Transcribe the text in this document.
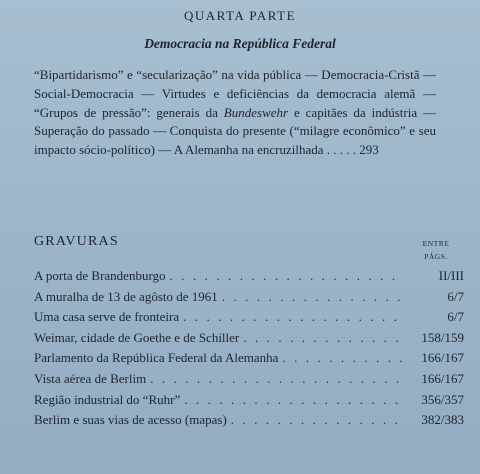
QUARTA PARTE
Democracia na República Federal
“Bipartidarismo” e “secularização” na vida pública — Democracia-Cristã — Social-Democracia — Virtudes e deficiências da democracia alemã — “Grupos de pressão”: generais da Bundeswehr e capitães da indústria — Superação do passado — Conquista do presente (“milagre econômico” e seu impacto sócio-político) — A Alemanha na encruzilhada . . . . . 293
GRAVURAS	ENTRE
PÁGS.
A porta de Brandenburgo . . .	II/III
A muralha de 13 de agôsto de 1961 . . .	6/7
Uma casa serve de fronteira . . .	6/7
Weimar, cidade de Goethe e de Schiller . . .	158/159
Parlamento da República Federal da Alemanha . . .	166/167
Vista aérea de Berlim . . .	166/167
Região industrial do “Ruhr” . . .	356/357
Berlim e suas vias de acesso (mapas) . . .	382/383
